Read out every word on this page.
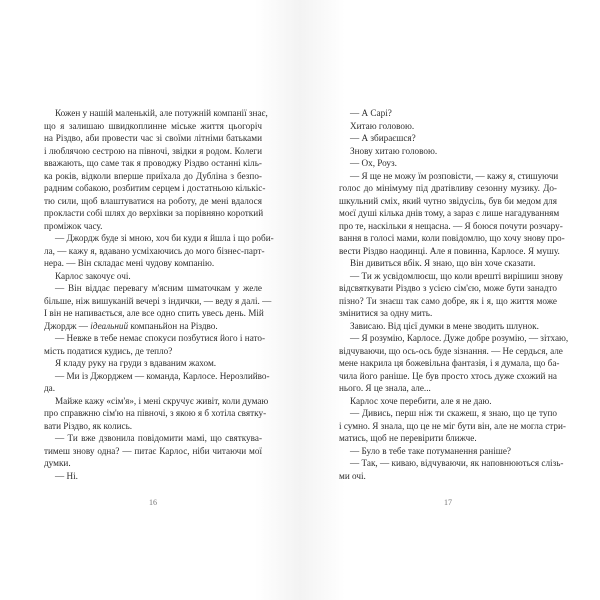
Кожен у нашій маленькій, але потужній компанії знає,
що я залишаю швидкоплинне міське життя цьогоріч
на Різдво, аби провести час зі своїми літніми батьками
і люблячою сестрою на півночі, звідки я родом. Колеги
вважають, що саме так я проводжу Різдво останні кіль-
ка років, відколи вперше приїхала до Дубліна з безпо-
радним собакою, розбитим серцем і достатньою кількіс-
тю сили, щоб влаштуватися на роботу, де мені вдалося
прокласти собі шлях до верхівки за порівняно короткий
проміжок часу.
— Джордж буде зі мною, хоч би куди я йшла і що роби-
ла, — кажу я, вдавано усміхаючись до мого бізнес-парт-
нера. — Він складає мені чудову компанію.
Карлос закочує очі.
— Він віддає перевагу м'ясним шматочкам у желе
більше, ніж вишуканій вечері з індички, — веду я далі. —
І він не напивається, але все одно спить увесь день. Мій
Джордж — ідеальний компаньйон на Різдво.
— Невже в тебе немає спокуси позбутися його і нато-
мість податися кудись, де тепло?
Я кладу руку на груди з вдаваним жахом.
— Ми із Джорджем — команда, Карлосе. Нерозлийво-
да.
Майже кажу «сім'я», і мені скручує живіт, коли думаю
про справжню сім'ю на півночі, з якою я б хотіла святку-
вати Різдво, як колись.
— Ти вже дзвонила повідомити мамі, що святкува-
тимеш знову одна? — питає Карлос, ніби читаючи мої
думки.
— Ні.
16
— А Сарі?
Хитаю головою.
— А збираєшся?
Знову хитаю головою.
— Ох, Роуз.
— Я ще не можу їм розповісти, — кажу я, стишуючи
голос до мінімуму під дратівливу сезонну музику. До-
шкульний сміх, який чутно звідусіль, був би медом для
моєї душі кілька днів тому, а зараз є лише нагадуванням
про те, наскільки я нещасна. — Я боюся почути розчару-
вання в голосі мами, коли повідомлю, що хочу знову про-
вести Різдво наодинці. Але я повинна, Карлосе. Я мушу.
Він дивиться вбік. Я знаю, що він хоче сказати.
— Ти ж усвідомлюєш, що коли врешті вирішиш знову
відсвяткувати Різдво з усією сім'єю, може бути занадто
пізно? Ти знаєш так само добре, як і я, що життя може
змінитися за одну мить.
Зависаю. Від цієї думки в мене зводить шлунок.
— Я розумію, Карлосе. Дуже добре розумію, — зітхаю,
відчуваючи, що ось-ось буде зізнання. — Не сердься, але
мене накрила ця божевільна фантазія, і я думала, що ба-
чила його раніше. Це був просто хтось дуже схожий на
нього. Я це знала, але...
Карлос хоче перебити, але я не даю.
— Дивись, перш ніж ти скажеш, я знаю, що це тупо
і сумно. Я знала, що це не міг бути він, але не могла стри-
матись, щоб не перевірити ближче.
— Було в тебе таке потуманення раніше?
— Так, — киваю, відчуваючи, як наповнюються слізь-
ми очі.
17
